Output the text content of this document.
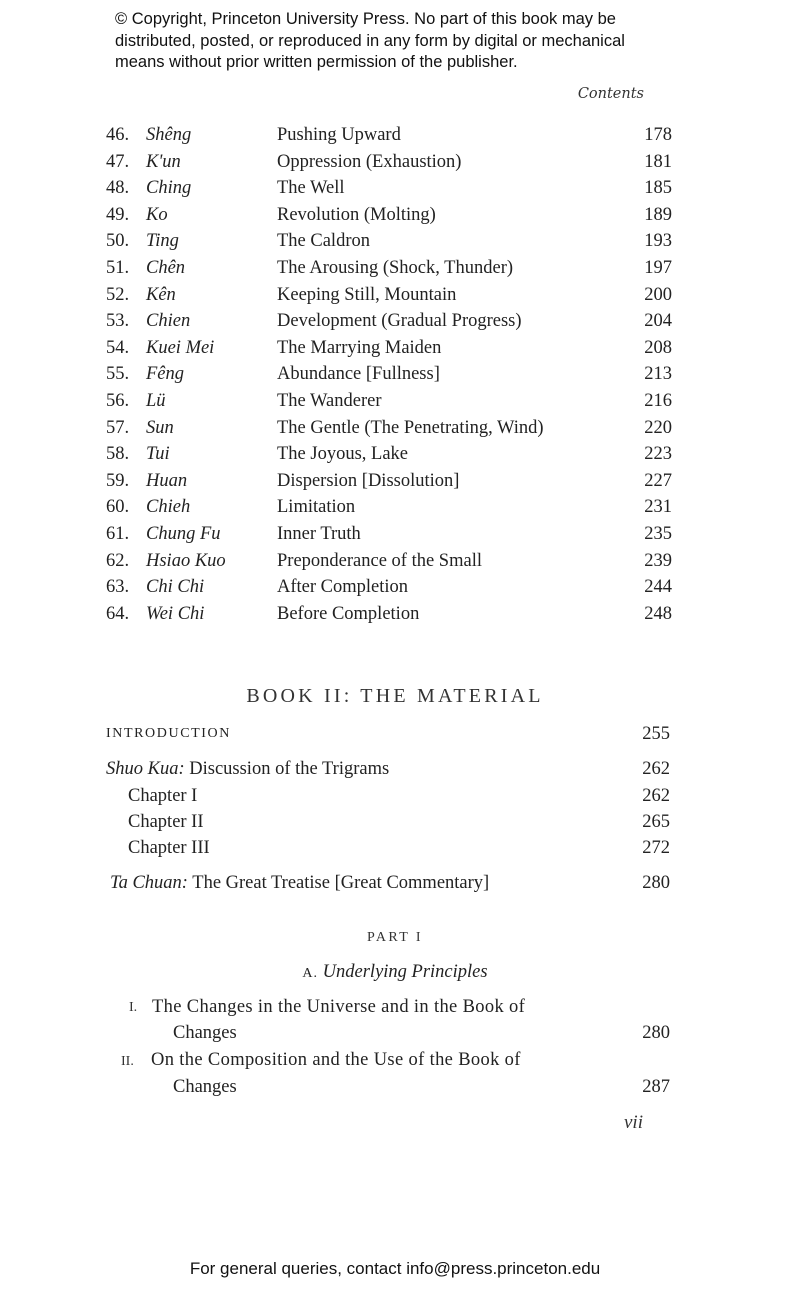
© Copyright, Princeton University Press. No part of this book may be
distributed, posted, or reproduced in any form by digital or mechanical
means without prior written permission of the publisher.
Contents
46. Shêng	Pushing Upward	178
47. K'un	Oppression (Exhaustion)	181
48. Ching	The Well	185
49. Ko	Revolution (Molting)	189
50. Ting	The Caldron	193
51. Chên	The Arousing (Shock, Thunder)	197
52. Kên	Keeping Still, Mountain	200
53. Chien	Development (Gradual Progress)	204
54. Kuei Mei	The Marrying Maiden	208
55. Fêng	Abundance [Fullness]	213
56. Lü	The Wanderer	216
57. Sun	The Gentle (The Penetrating, Wind)	220
58. Tui	The Joyous, Lake	223
59. Huan	Dispersion [Dissolution]	227
60. Chieh	Limitation	231
61. Chung Fu	Inner Truth	235
62. Hsiao Kuo	Preponderance of the Small	239
63. Chi Chi	After Completion	244
64. Wei Chi	Before Completion	248
BOOK II: THE MATERIAL
INTRODUCTION	255
Shuo Kua: Discussion of the Trigrams	262
Chapter I	262
Chapter II	265
Chapter III	272
Ta Chuan: The Great Treatise [Great Commentary]	280
PART I
A. Underlying Principles
I. The Changes in the Universe and in the Book of
Changes	280
II. On the Composition and the Use of the Book of
Changes	287
vii
For general queries, contact info@press.princeton.edu
